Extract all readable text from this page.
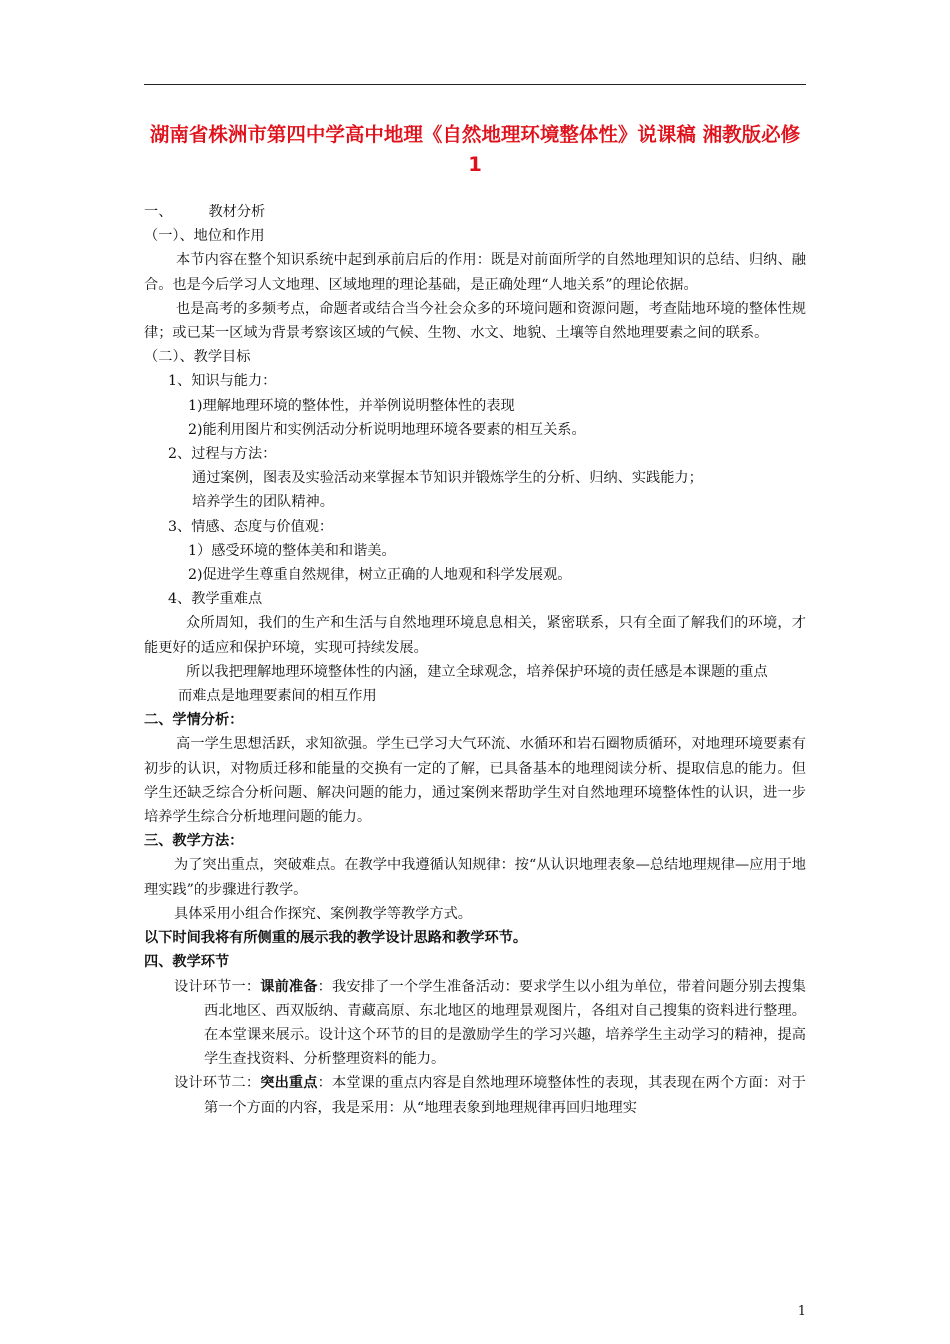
湖南省株洲市第四中学高中地理《自然地理环境整体性》说课稿 湘教版必修1

一、        教材分析

（一）、地位和作用

本节内容在整个知识系统中起到承前启后的作用：既是对前面所学的自然地理知识的总结、归纳、融合。也是今后学习人文地理、区域地理的理论基础，是正确处理“人地关系”的理论依据。

也是高考的多频考点，命题者或结合当今社会众多的环境问题和资源问题，考查陆地环境的整体性规律；或已某一区域为背景考察该区域的气候、生物、水文、地貌、土壤等自然地理要素之间的联系。

（二）、教学目标

1、知识与能力：

1)理解地理环境的整体性，并举例说明整体性的表现

2)能利用图片和实例活动分析说明地理环境各要素的相互关系。

2、过程与方法：

通过案例，图表及实验活动来掌握本节知识并锻炼学生的分析、归纳、实践能力；

培养学生的团队精神。

3、情感、态度与价值观：

1）感受环境的整体美和和谐美。

2)促进学生尊重自然规律，树立正确的人地观和科学发展观。

4、教学重难点

众所周知，我们的生产和生活与自然地理环境息息相关，紧密联系，只有全面了解我们的环境，才能更好的适应和保护环境，实现可持续发展。

所以我把理解地理环境整体性的内涵，建立全球观念，培养保护环境的责任感是本课题的重点

而难点是地理要素间的相互作用

二、学情分析：

高一学生思想活跃，求知欲强。学生已学习大气环流、水循环和岩石圈物质循环，对地理环境要素有初步的认识，对物质迁移和能量的交换有一定的了解，已具备基本的地理阅读分析、提取信息的能力。但学生还缺乏综合分析问题、解决问题的能力，通过案例来帮助学生对自然地理环境整体性的认识，进一步培养学生综合分析地理问题的能力。

三、教学方法：

为了突出重点，突破难点。在教学中我遵循认知规律：按“从认识地理表象—总结地理规律—应用于地理实践”的步骤进行教学。

具体采用小组合作探究、案例教学等教学方式。

以下时间我将有所侧重的展示我的教学设计思路和教学环节。

四、教学环节

设计环节一：课前准备：我安排了一个学生准备活动：要求学生以小组为单位，带着问题分别去搜集西北地区、西双版纳、青藏高原、东北地区的地理景观图片，各组对自己搜集的资料进行整理。在本堂课来展示。设计这个环节的目的是激励学生的学习兴趣，培养学生主动学习的精神，提高学生查找资料、分析整理资料的能力。

设计环节二：突出重点：本堂课的重点内容是自然地理环境整体性的表现，其表现在两个方面：对于第一个方面的内容，我是采用：从“地理表象到地理规律再回归地理实

1
